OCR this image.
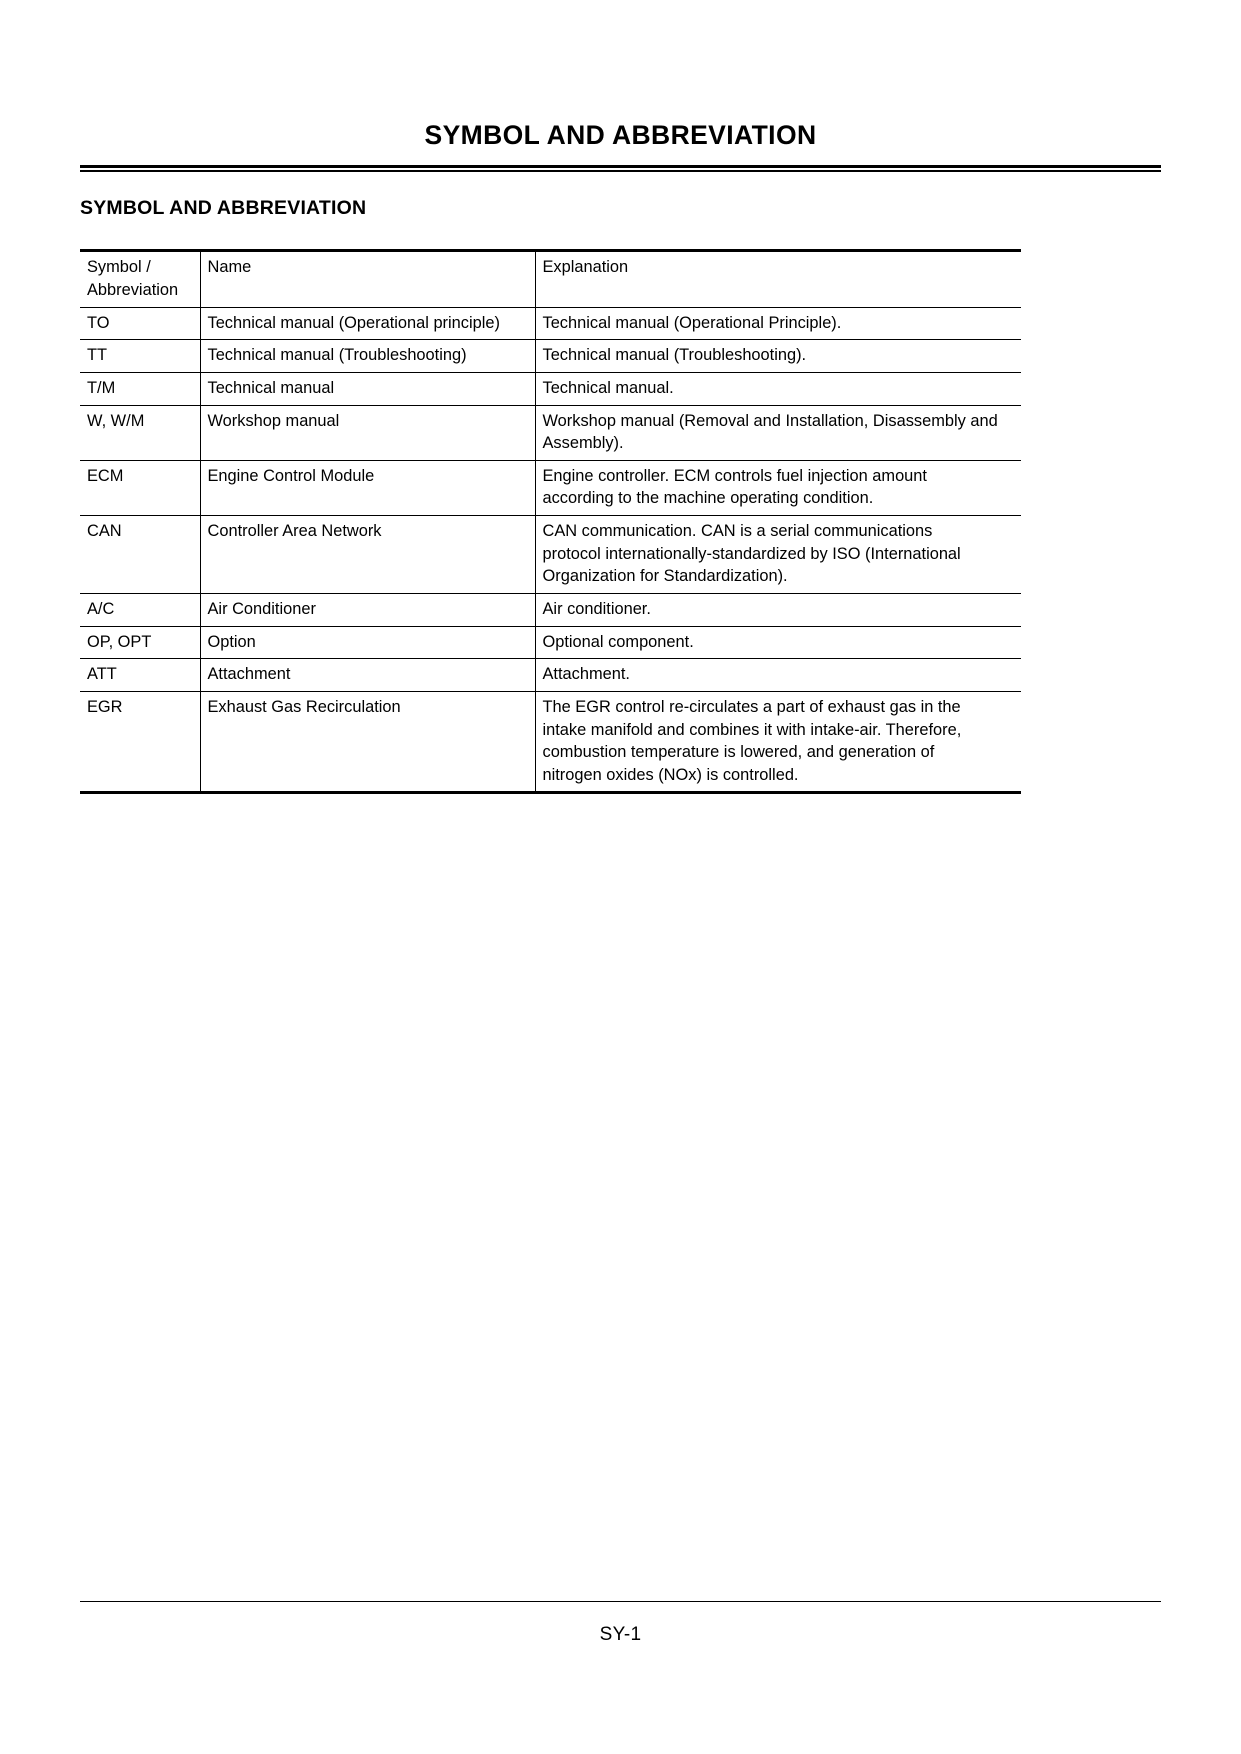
SYMBOL AND ABBREVIATION
SYMBOL AND ABBREVIATION
Symbol /
Abbreviation	Name	Explanation
TO	Technical manual (Operational principle)	Technical manual (Operational Principle).

TT	Technical manual (Troubleshooting)	Technical manual (Troubleshooting).

T/M	Technical manual	Technical manual.

W, W/M	Workshop manual	Workshop manual (Removal and Installation, Disassembly and
Assembly).

ECM	Engine Control Module	Engine controller. ECM controls fuel injection amount
according to the machine operating condition.

CAN	Controller Area Network	CAN communication. CAN is a serial communications
protocol internationally-standardized by ISO (International
Organization for Standardization).

A/C	Air Conditioner	Air conditioner.

OP, OPT	Option	Optional component.

ATT	Attachment	Attachment.

EGR	Exhaust Gas Recirculation	The EGR control re-circulates a part of exhaust gas in the
intake manifold and combines it with intake-air. Therefore,
combustion temperature is lowered, and generation of
nitrogen oxides (NOx) is controlled.
SY-1
